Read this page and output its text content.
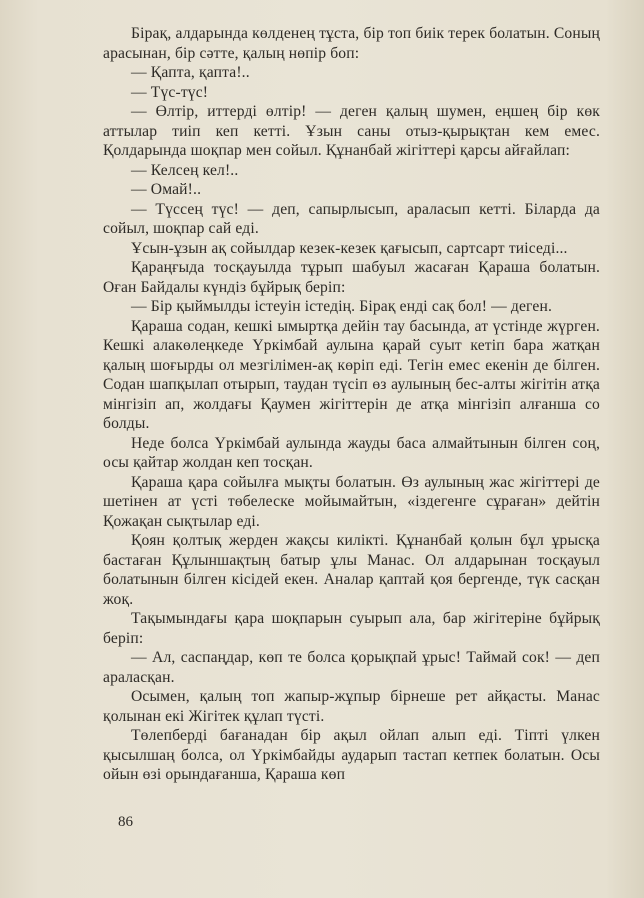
Бірақ, алдарында көлденең тұста, бір топ биік терек болатын. Соның арасынан, бір сәтте, қалың нөпір боп:

— Қапта, қапта!..

— Түс-түс!

— Өлтір, иттерді өлтір! — деген қалың шумен, еңшең бір көк аттылар тиіп кеп кетті. Ұзын саны отыз-қырықтан кем емес. Қолдарында шоқпар мен сойыл. Құнанбай жігіттері қарсы айғайлап:

— Келсең кел!..

— Омай!..

— Түссең түс! — деп, сапырлысып, араласып кетті. Біларда да сойыл, шоқпар сай еді.

Ұсын-ұзын ақ сойылдар кезек-кезек қағысып, сартсарт тиіседі...

Қараңғыда тосқауылда тұрып шабуыл жасаған Қараша болатын. Оған Байдалы күндіз бұйрық беріп:

— Бір қыймылды істеуін істедің. Бірақ енді сақ бол! — деген.

Қараша содан, кешкі ымыртқа дейін тау басында, ат үстінде жүрген. Кешкі алакөлеңкеде Үркімбай аулына қарай суыт кетіп бара жатқан қалың шоғырды ол мезгілімен-ақ көріп еді. Тегін емес екенін де білген. Содан шапқылап отырып, таудан түсіп өз аулының бес-алты жігітін атқа мінгізіп ап, жолдағы Қаумен жігіттерін де атқа мінгізіп алғанша со болды.

Неде болса Үркімбай аулында жауды баса алмайтынын білген соң, осы қайтар жолдан кеп тосқан.

Қараша қара сойылға мықты болатын. Өз аулының жас жігіттері де шетінен ат үсті төбелеске мойымайтын, «іздегенге сұраған» дейтін Қожақан сықтылар еді.

Қоян қолтық жерден жақсы килікті. Құнанбай қолын бұл ұрысқа бастаған Құлыншақтың батыр ұлы Манас. Ол алдарынан тосқауыл болатынын білген кісідей екен. Аналар қаптай қоя бергенде, түк сасқан жоқ.

Тақымындағы қара шоқпарын суырып ала, бар жігітеріне бұйрық беріп:

— Ал, саспаңдар, көп те болса қорықпай ұрыс! Таймай сок! — деп араласқан.

Осымен, қалың топ жапыр-жұпыр бірнеше рет айқасты. Манас қолынан екі Жігітек құлап түсті.

Төлепберді бағанадан бір ақыл ойлап алып еді. Тіпті үлкен қысылшаң болса, ол Үркімбайды аударып тастап кетпек болатын. Осы ойын өзі орындағанша, Қараша көп

86
